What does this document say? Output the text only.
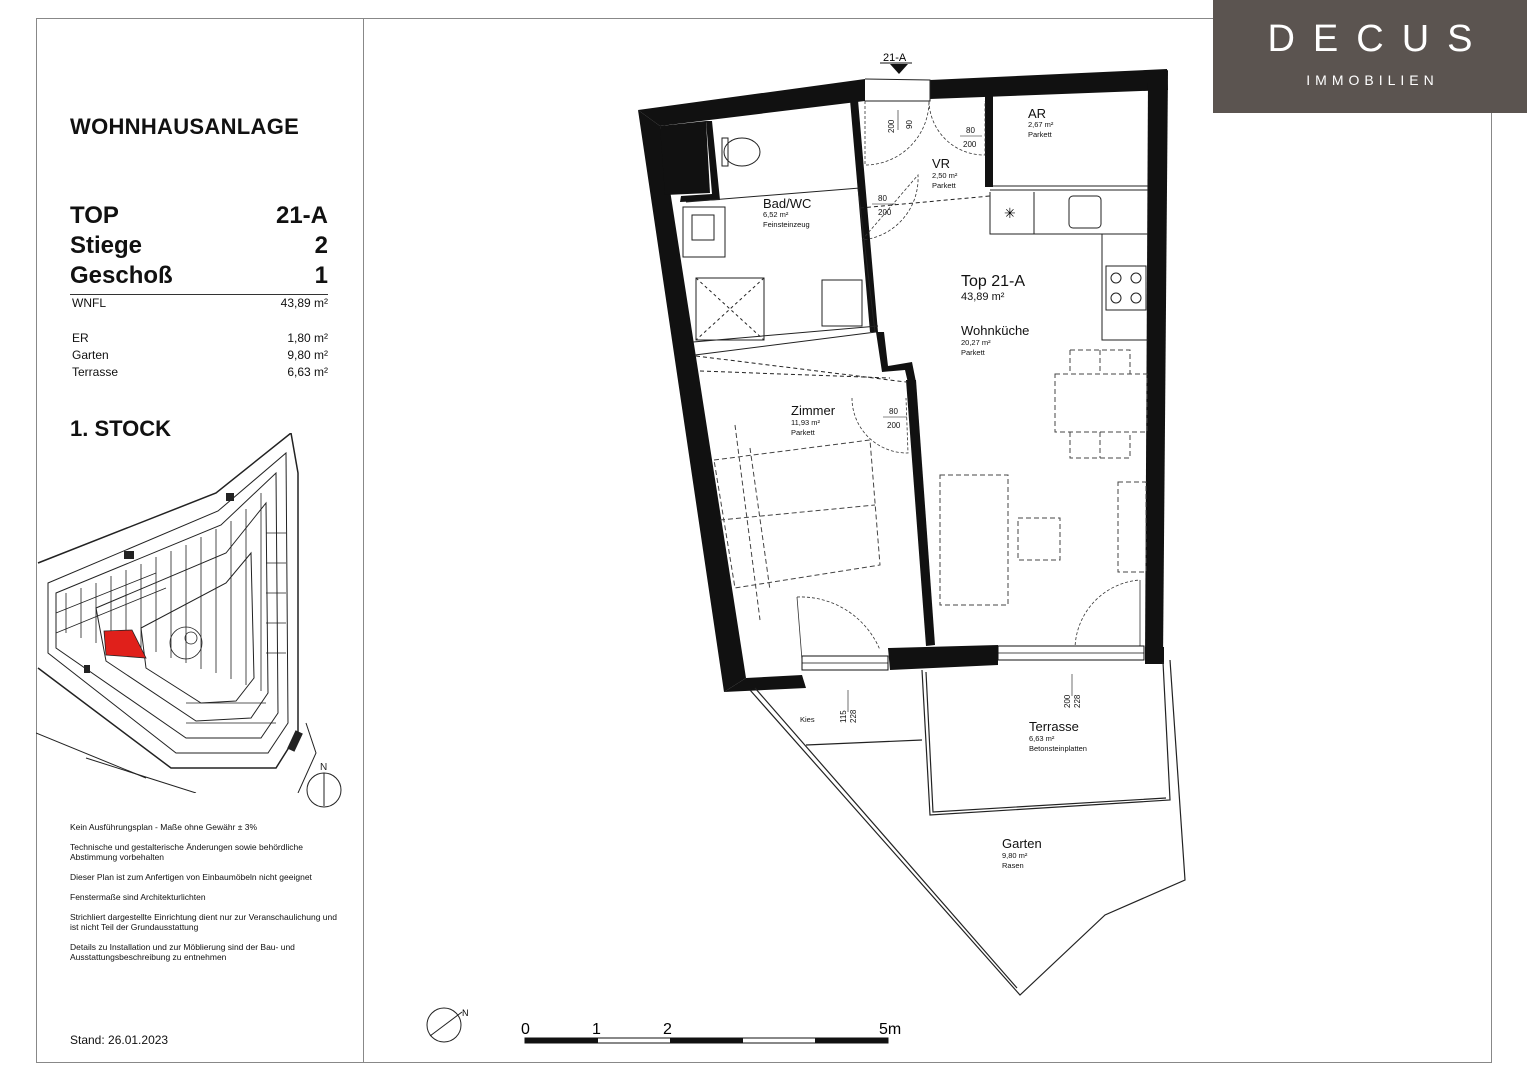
WOHNHAUSANLAGE
TOP	21-A
Stiege	2
Geschoß	1
WNFL	43,89 m²
ER	1,80 m²
Garten	9,80 m²
Terrasse	6,63 m²
1. STOCK
N

Kein Ausführungsplan - Maße ohne Gewähr ± 3%

Technische und gestalterische Änderungen sowie behördliche Abstimmung vorbehalten

Dieser Plan ist zum Anfertigen von Einbaumöbeln nicht geeignet

Fenstermaße sind Architekturlichten

Strichliert dargestellte Einrichtung dient nur zur Veranschaulichung und ist nicht Teil der Grundausstattung

Details zu Installation und zur Möblierung sind der Bau- und Ausstattungsbeschreibung zu entnehmen

Stand: 26.01.2023
DECUS
IMMOBILIEN
21-A
✳
Bad/WC
6,52 m²
Feinsteinzeug
AR
2,67 m²
Parkett
VR
2,50 m²
Parkett
Top 21-A
43,89 m²
Wohnküche
20,27 m²
Parkett
Zimmer
11,93 m²
Parkett
Terrasse
6,63 m²
Betonsteinplatten
Garten
9,80 m²
Rasen
Kies
200 90
80
200
80
200
80
200
228
115
228
200
N
0	1	2	5m
